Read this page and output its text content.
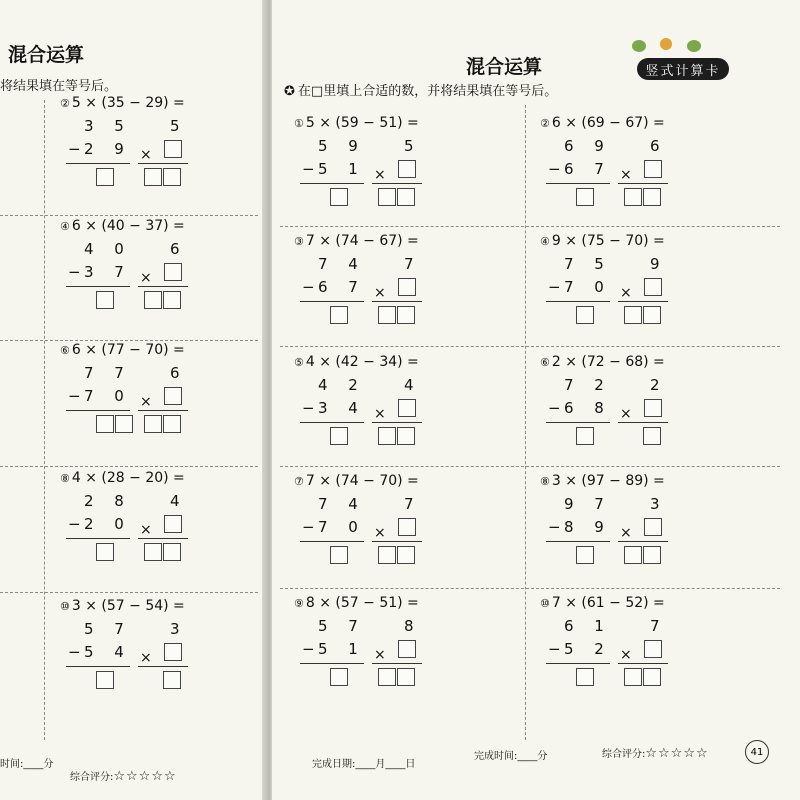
混合运算
将结果填在等号后。
② 5 × (35 − 29) =
3 5
− 2 9
5
×
④ 6 × (40 − 37) =
4 0
− 3 7
6
×
⑥ 6 × (77 − 70) =
7 7
− 7 0
6
×
⑧ 4 × (28 − 20) =
2 8
− 2 0
4
×
⑩ 3 × (57 − 54) =
5 7
− 5 4
3
×
时间:____分
综合评分:☆☆☆☆☆
混合运算	竖式计算卡
✪ 在□里填上合适的数，并将结果填在等号后。
① 5 × (59 − 51) =
5 9
− 5 1
5
×
② 6 × (69 − 67) =
6 9
− 6 7
6
×
③ 7 × (74 − 67) =
7 4
− 6 7
7
×
④ 9 × (75 − 70) =
7 5
− 7 0
9
×
⑤ 4 × (42 − 34) =
4 2
− 3 4
4
×
⑥ 2 × (72 − 68) =
7 2
− 6 8
2
×
⑦ 7 × (74 − 70) =
7 4
− 7 0
7
×
⑧ 3 × (97 − 89) =
9 7
− 8 9
3
×
⑨ 8 × (57 − 51) =
5 7
− 5 1
8
×
⑩ 7 × (61 − 52) =
6 1
− 5 2
7
×
完成日期:____月____日
完成时间:____分	综合评分:☆☆☆☆☆	41
